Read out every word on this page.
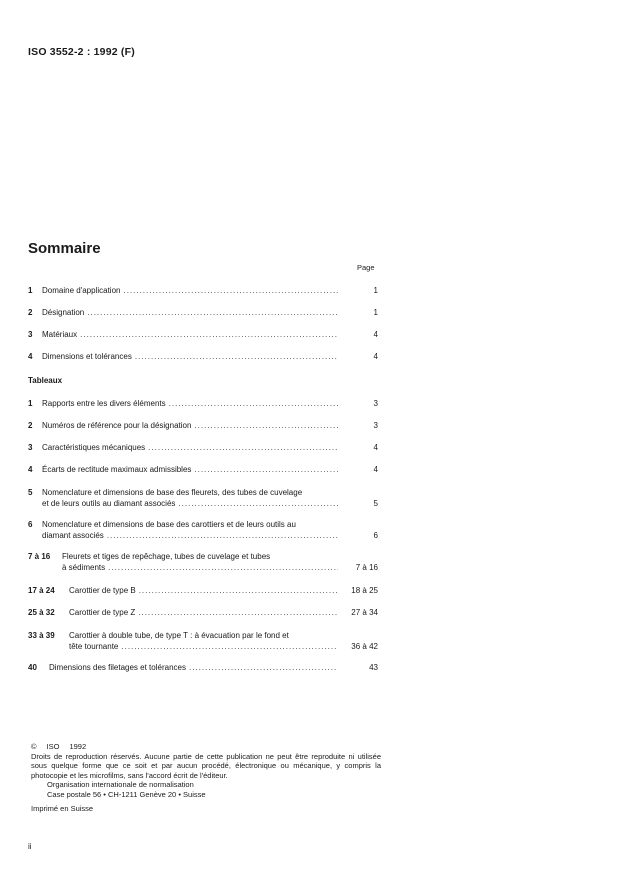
ISO 3552-2 : 1992 (F)
Sommaire
Page
1 Domaine d'application .....	1
2 Désignation .....	1
3 Matériaux .....	4
4 Dimensions et tolérances .....	4
1 Rapports entre les divers éléments .....	3
2 Numéros de référence pour la désignation .....	3
3 Caractéristiques mécaniques .....	4
4 Écarts de rectitude maximaux admissibles .....	4
5 Nomenclature et dimensions de base des fleurets, des tubes de cuvelage
et de leurs outils au diamant associés .....	5
6 Nomenclature et dimensions de base des carottiers et de leurs outils au
diamant associés .....	6
7 à 16 Fleurets et tiges de repêchage, tubes de cuvelage et tubes
à sédiments .....	7 à 16
17 à 24 Carottier de type B .....	18 à 25
25 à 32 Carottier de type Z .....	27 à 34
33 à 39 Carottier à double tube, de type T : à évacuation par le fond et
tête tournante .....	36 à 42
40 Dimensions des filetages et tolérances .....	43
Tableaux
© ISO 1992
Droits de reproduction réservés. Aucune partie de cette publication ne peut être reproduite ni utilisée sous quelque forme que ce soit et par aucun procédé, électronique ou mécanique, y compris la photocopie et les microfilms, sans l'accord écrit de l'éditeur.
Organisation internationale de normalisation
Case postale 56 • CH-1211 Genève 20 • Suisse
Imprimé en Suisse
ii
